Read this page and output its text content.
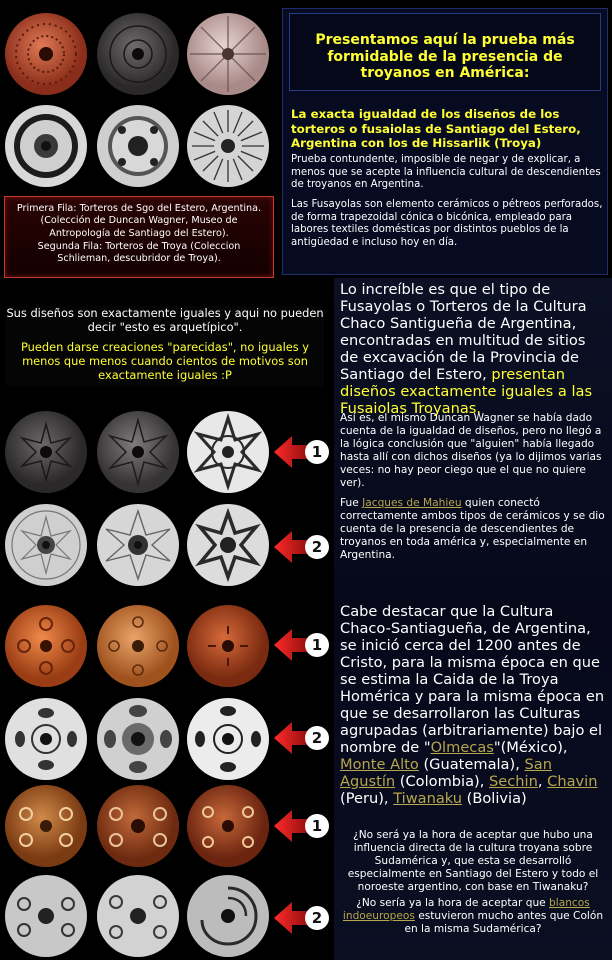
Presentamos aquí la prueba más formidable de la presencia de troyanos en América:
La exacta igualdad de los diseños de los torteros o fusaiolas de Santiago del Estero, Argentina con los de Hissarlik (Troya)
Prueba contundente, imposible de negar y de explicar, a menos que se acepte la influencia cultural de descendientes de troyanos en Argentina.
Las Fusayolas son elemento cerámicos o pétreos perforados, de forma trapezoidal cónica o bicónica, empleado para labores textiles domésticas por distintos pueblos de la antigüedad e incluso hoy en día.

Primera Fila: Torteros de Sgo del Estero, Argentina. (Colección de Duncan Wagner, Museo de Antropología de Santiago del Estero).

Segunda Fila: Torteros de Troya (Coleccion Schlieman, descubridor de Troya).

Sus diseños son exactamente iguales y aqui no pueden decir "esto es arquetípico".
Pueden darse creaciones "parecidas", no iguales y menos que menos cuando cientos de motivos son exactamente iguales :P
Lo increíble es que el tipo de Fusayolas o Torteros de la Cultura Chaco Santigueña de Argentina, encontradas en multitud de sitios de excavación de la Provincia de Santiago del Estero, presentan diseños exactamente iguales a las Fusaiolas Troyanas.
Así es, el mismo Duncan Wagner se había dado cuenta de la igualdad de diseños, pero no llegó a la lógica conclusión que "alguien" había llegado hasta allí con dichos diseños (ya lo dijimos varias veces: no hay peor ciego que el que no quiere ver).
Fue Jacques de Mahieu quien conectó correctamente ambos tipos de cerámicos y se dio cuenta de la presencia de descendientes de troyanos en toda américa y, especialmente en Argentina.
Cabe destacar que la Cultura Chaco-Santiagueña, de Argentina, se inició cerca del 1200 antes de Cristo, para la misma época en que se estima la Caida de la Troya Homérica y para la misma época en que se desarrollaron las Culturas agrupadas (arbitrariamente) bajo el nombre de "Olmecas"(México), Monte Alto (Guatemala), San Agustín (Colombia), Sechin, Chavin (Peru), Tiwanaku (Bolivia)
¿No será ya la hora de aceptar que hubo una influencia directa de la cultura troyana sobre Sudamérica y, que esta se desarrolló especialmente en Santiago del Estero y todo el noroeste argentino, con base en Tiwanaku?
¿No sería ya la hora de aceptar que blancos indoeuropeos estuvieron mucho antes que Colón en la misma Sudamérica?
1
2
1
2
1
2
